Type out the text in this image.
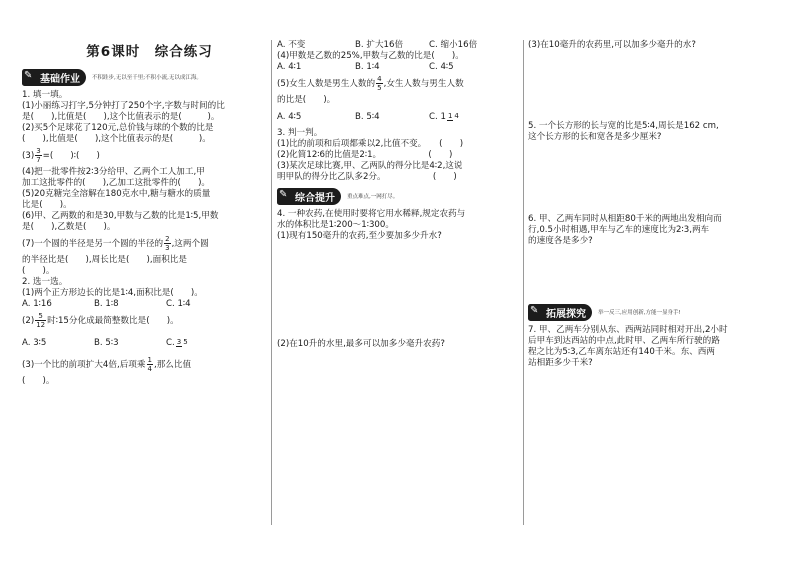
第6课时　综合练习
✎ 基础作业	不积跬步,无以至千里;不积小流,无以成江海。
1. 填一填。
(1)小丽练习打字,5分钟打了250个字,字数与时间的比
是(　　),比值是(　　),这个比值表示的是(　　　)。
(2)买5个足球花了120元,总价钱与球的个数的比是
(　　),比值是(　　),这个比值表示的是(　　　)。
$(3) \frac{3}{7}$ =(　　)∶(　　)
(4)把一批零件按2∶3分给甲、乙两个工人加工,甲
加工这批零件的(　　),乙加工这批零件的(　　)。
(5)20克糖完全溶解在180克水中,糖与糖水的质量
比是(　　)。
(6)甲、乙两数的和是30,甲数与乙数的比是1∶5,甲数
是(　　),乙数是(　　)。
(7)一个圆的半径是另一个圆的半径的 $\frac{2}{3}$ ,这两个圆
的半径比是(　　),周长比是(　　),面积比是
(　　)。
2. 选一选。
(1)两个正方形边长的比是1∶4,面积比是(　　)。
A. 1∶16	B. 1∶8	C. 1∶4
$(2) \frac{5}{12}$ 时∶15分化成最简整数比是(　　)。
A. 3∶5	B. 5∶3	C.3 5
(3)一个比的前项扩大4倍,后项乘 $\frac{1}{4}$ ,那么比值
(　　)。
A. 不变	B. 扩大16倍	C. 缩小16倍
(4)甲数是乙数的25%,甲数与乙数的比是(　　)。
A. 4∶1	B. 1∶4	C. 4∶5
(5)女生人数是男生人数的 $\frac{4}{5}$ ,女生人数与男生人数
的比是(　　)。
A. 4∶5	B. 5∶4	C. 1 1 4
3. 判一判。
(1)比的前项和后项都乘以2,比值不变。　　(　　)
(2)化简12∶6的比值是2∶1。　　　　　　(　　)
(3)某次足球比赛,甲、乙两队的得分比是4∶2,这说
明甲队的得分比乙队多2分。　　　　　　(　　)
✎ 综合提升	重点难点,一网打尽。
4. 一种农药,在使用时要将它用水稀释,规定农药与
水的体积比是1∶200～1∶300。
(1)现有150毫升的农药,至少要加多少升水?
(2)在10升的水里,最多可以加多少毫升农药?
(3)在10毫升的农药里,可以加多少毫升的水?
5. 一个长方形的长与宽的比是5∶4,周长是162 cm,
这个长方形的长和宽各是多少厘米?
6. 甲、乙两车同时从相距80千米的两地出发相向而
行,0.5小时相遇,甲车与乙车的速度比为2∶3,两车
的速度各是多少?
✎ 拓展探究	举一反三,应用创新,方能一显身手!
7. 甲、乙两车分别从东、西两站同时相对开出,2小时
后甲车到达西站的中点,此时甲、乙两车所行驶的路
程之比为5∶3,乙车离东站还有140千米。东、西两
站相距多少千米?
